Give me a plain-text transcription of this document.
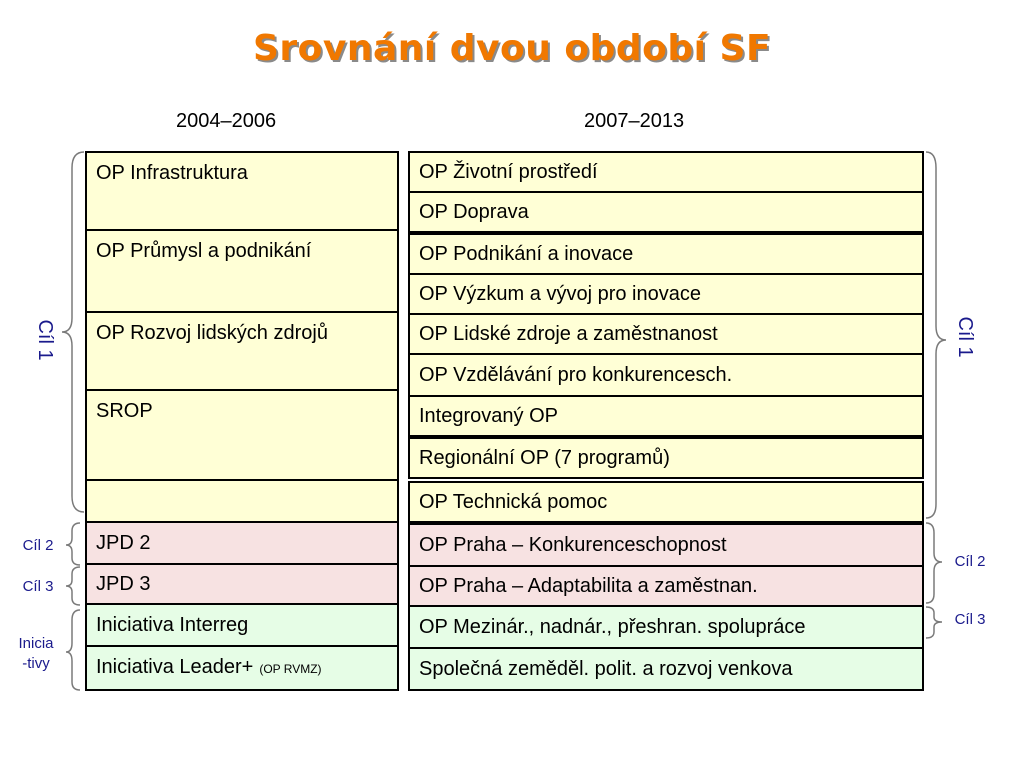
Srovnání dvou období SF
2004–2006	2007–2013
OP Infrastruktura
OP Průmysl a podnikání
OP Rozvoj lidských zdrojů
SROP
JPD 2
JPD 3
Iniciativa Interreg
Iniciativa Leader+ (OP RVMZ)
OP Životní prostředí
OP Doprava
OP Podnikání a inovace
OP Výzkum a vývoj pro inovace
OP Lidské zdroje a zaměstnanost
OP Vzdělávání pro konkurencesch.
Integrovaný OP
Regionální OP (7 programů)
OP Technická pomoc
OP Praha – Konkurenceschopnost
OP Praha – Adaptabilita a zaměstnan.
OP Mezinár., nadnár., přeshran. spolupráce
Společná zeměděl. polit. a rozvoj venkova
Cíl 1
Cíl 2
Cíl 3
Inicia
-tivy
Cíl 1
Cíl 2
Cíl 3
